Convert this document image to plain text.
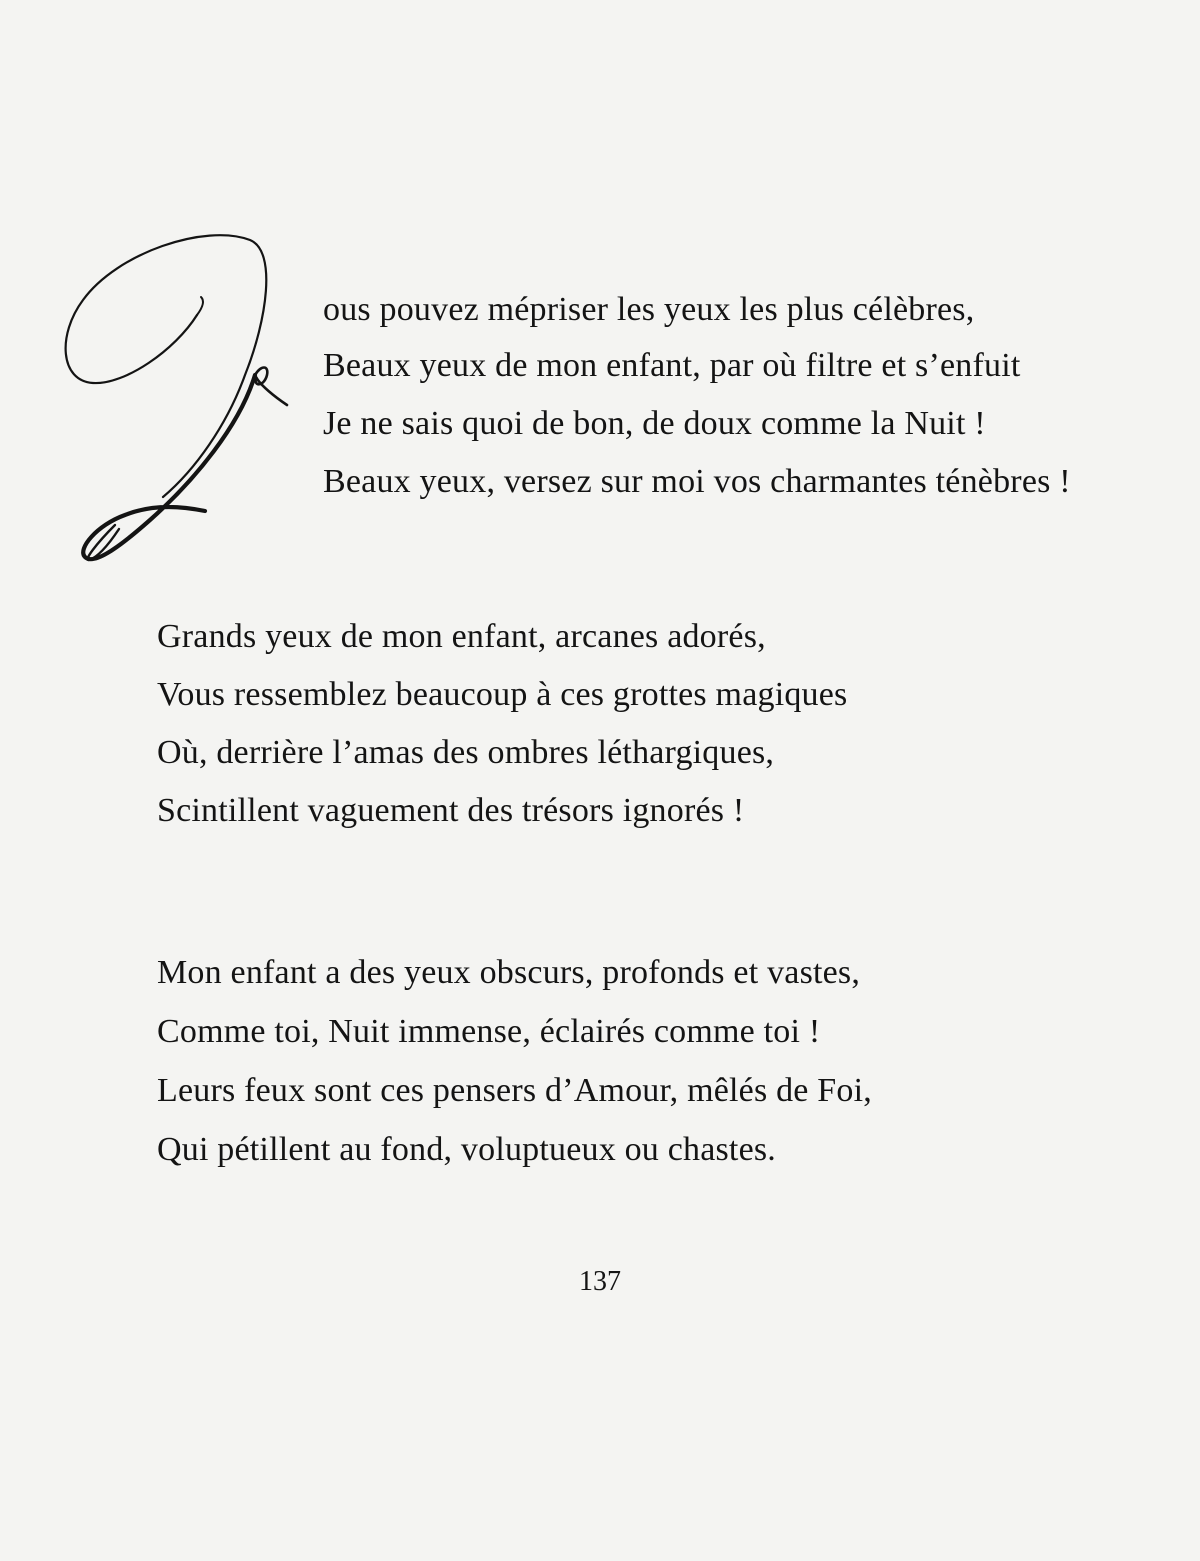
ous pouvez mépriser les yeux les plus célèbres,
Beaux yeux de mon enfant, par où filtre et s’enfuit
Je ne sais quoi de bon, de doux comme la Nuit !
Beaux yeux, versez sur moi vos charmantes ténèbres !
Grands yeux de mon enfant, arcanes adorés,
Vous ressemblez beaucoup à ces grottes magiques
Où, derrière l’amas des ombres léthargiques,
Scintillent vaguement des trésors ignorés !
Mon enfant a des yeux obscurs, profonds et vastes,
Comme toi, Nuit immense, éclairés comme toi !
Leurs feux sont ces pensers d’Amour, mêlés de Foi,
Qui pétillent au fond, voluptueux ou chastes.
137
